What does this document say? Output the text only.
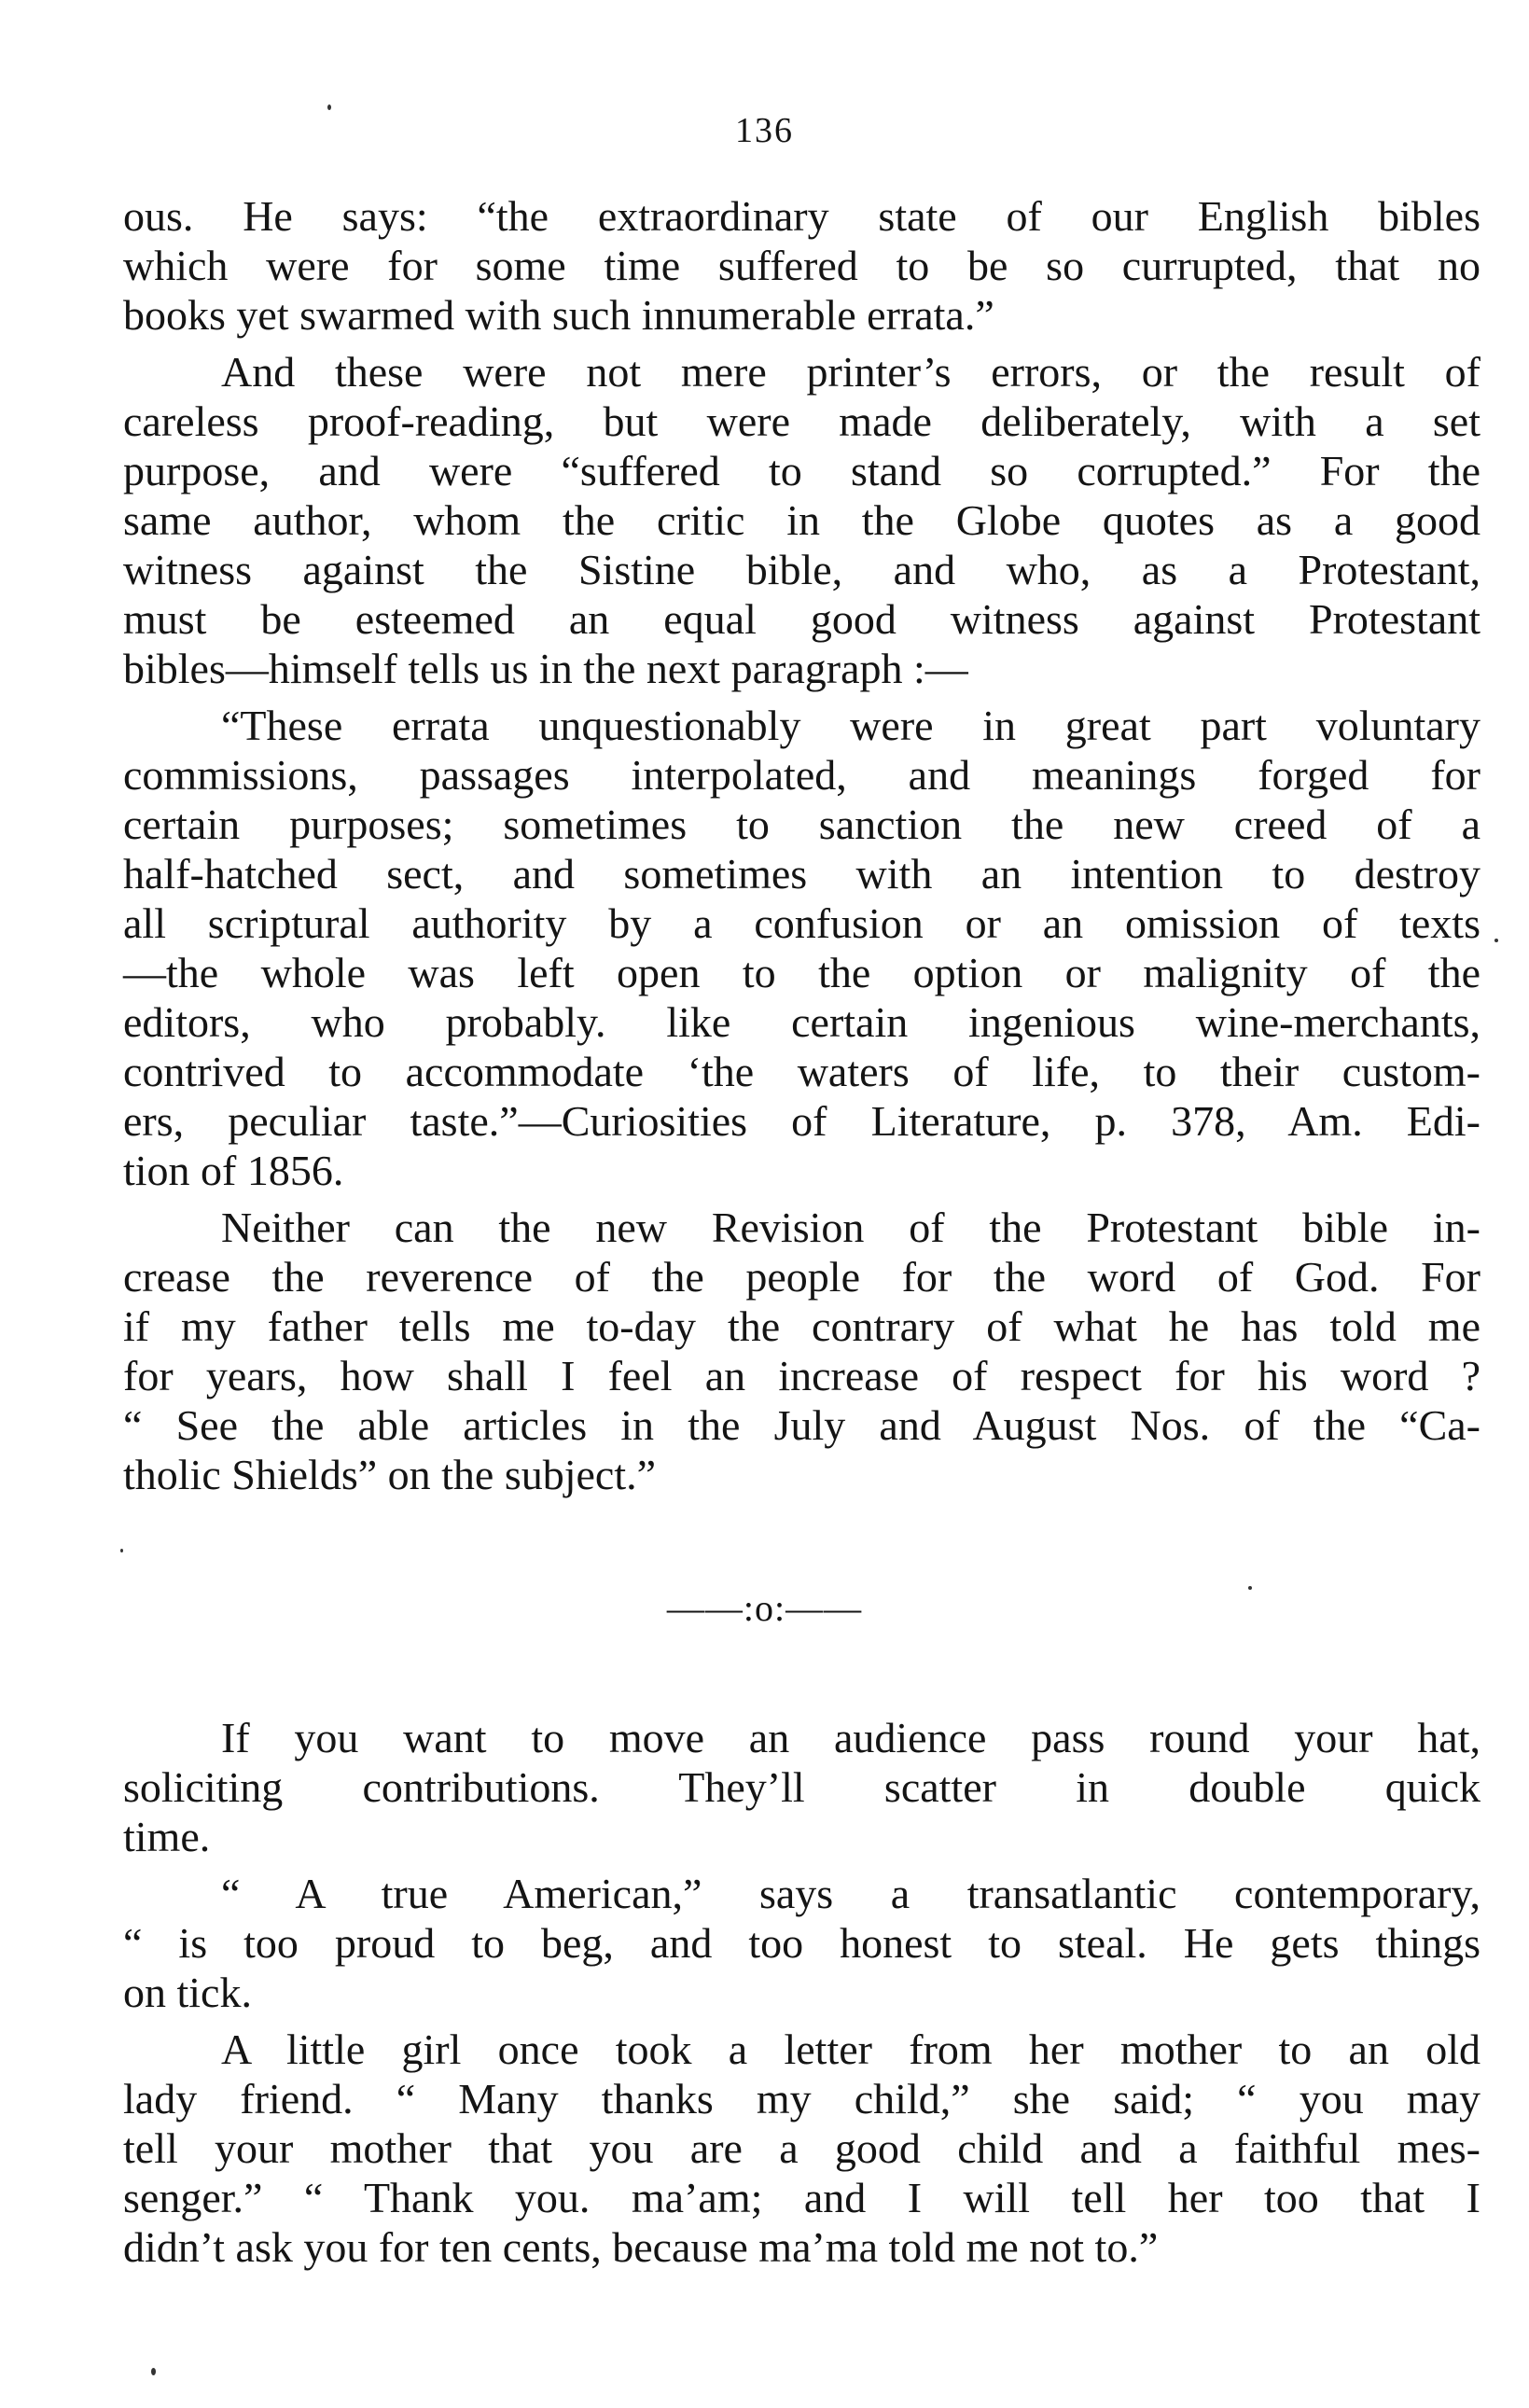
136
ous. He says: “the extraordinary state of our English bibles
which were for some time suffered to be so currupted, that no
books yet swarmed with such innumerable errata.”
And these were not mere printer’s errors, or the result of
careless proof-reading, but were made deliberately, with a set
purpose, and were “suffered to stand so corrupted.” For the
same author, whom the critic in the Globe quotes as a good
witness against the Sistine bible, and who, as a Protestant,
must be esteemed an equal good witness against Protestant
bibles—himself tells us in the next paragraph :—
“These errata unquestionably were in great part voluntary
commissions, passages interpolated, and meanings forged for
certain purposes; sometimes to sanction the new creed of a
half-hatched sect, and sometimes with an intention to destroy
all scriptural authority by a confusion or an omission of texts
—the whole was left open to the option or malignity of the
editors, who probably. like certain ingenious wine-merchants,
contrived to accommodate ‘the waters of life, to their custom-
ers, peculiar taste.”—Curiosities of Literature, p. 378, Am. Edi-
tion of 1856.
Neither can the new Revision of the Protestant bible in-
crease the reverence of the people for the word of God. For
if my father tells me to-day the contrary of what he has told me
for years, how shall I feel an increase of respect for his word ?
“ See the able articles in the July and August Nos. of the “Ca-
tholic Shields” on the subject.”
——:o:——
If you want to move an audience pass round your hat,
soliciting contributions. They’ll scatter in double quick
time.
“ A true American,” says a transatlantic contemporary,
“ is too proud to beg, and too honest to steal. He gets things
on tick.
A little girl once took a letter from her mother to an old
lady friend. “ Many thanks my child,” she said; “ you may
tell your mother that you are a good child and a faithful mes-
senger.” “ Thank you. ma’am; and I will tell her too that I
didn’t ask you for ten cents, because ma’ma told me not to.”
